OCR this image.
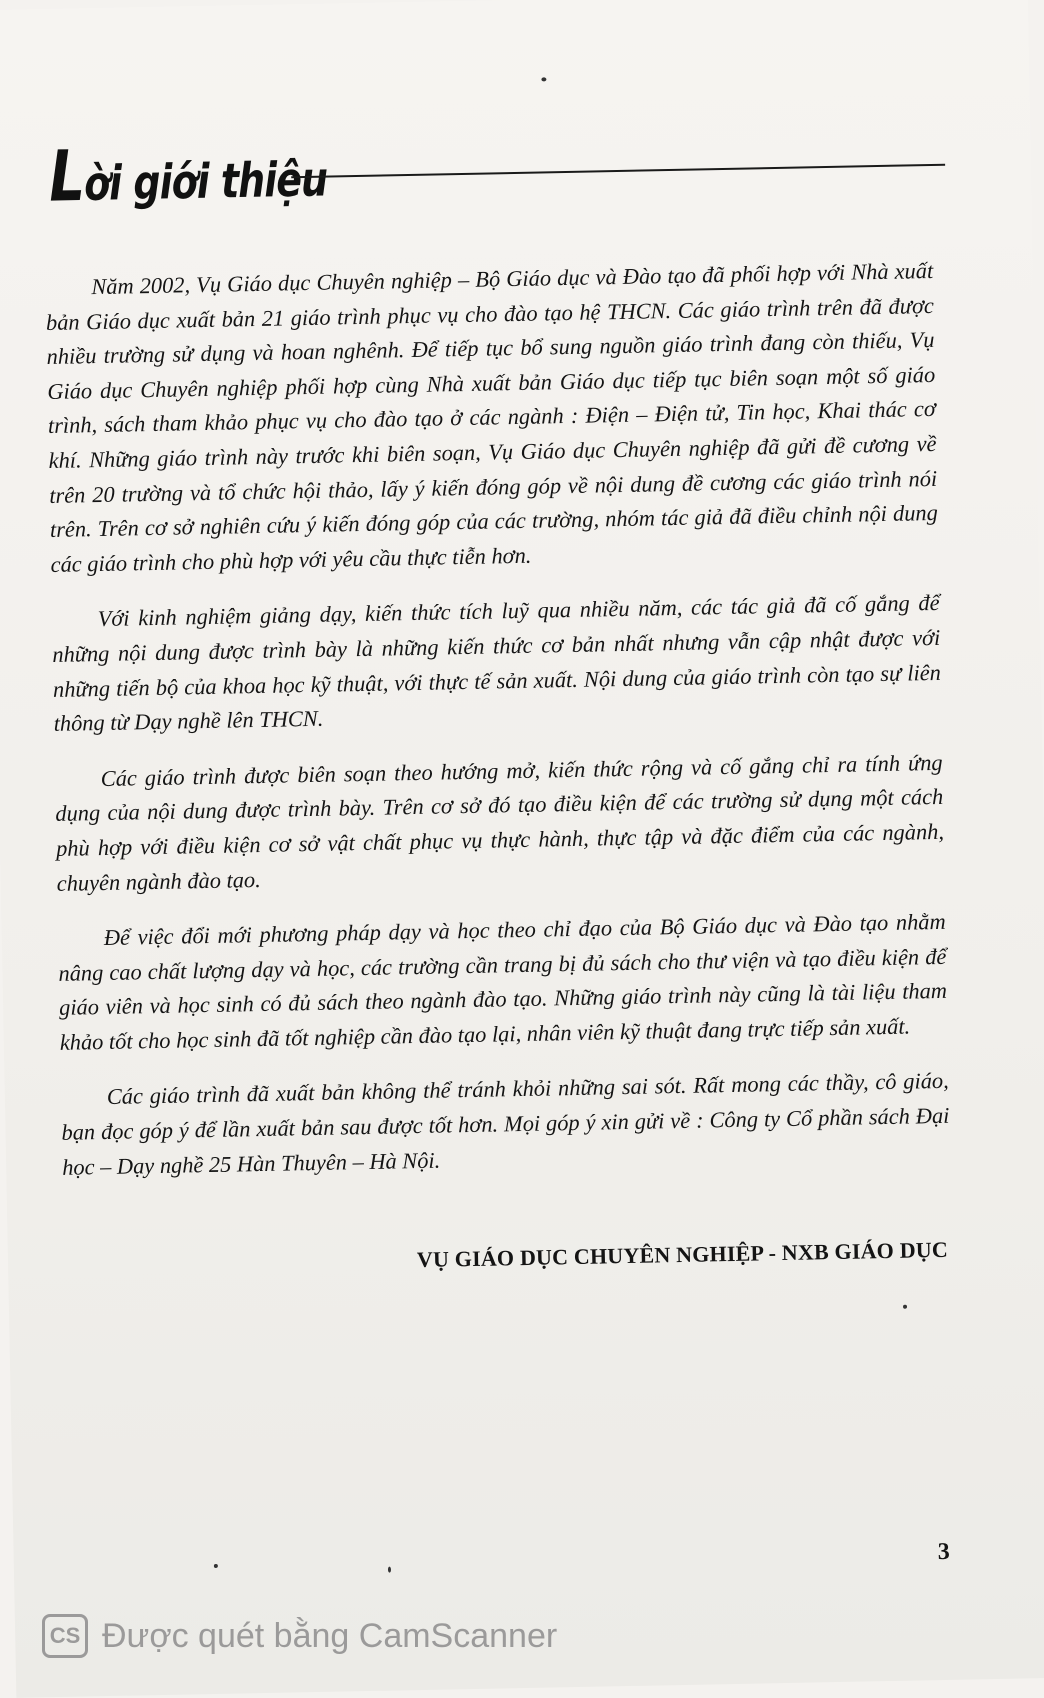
Lời giới thiệu

Năm 2002, Vụ Giáo dục Chuyên nghiệp – Bộ Giáo dục và Đào tạo đã phối hợp với Nhà xuất bản Giáo dục xuất bản 21 giáo trình phục vụ cho đào tạo hệ THCN. Các giáo trình trên đã được nhiều trường sử dụng và hoan nghênh. Để tiếp tục bổ sung nguồn giáo trình đang còn thiếu, Vụ Giáo dục Chuyên nghiệp phối hợp cùng Nhà xuất bản Giáo dục tiếp tục biên soạn một số giáo trình, sách tham khảo phục vụ cho đào tạo ở các ngành : Điện – Điện tử, Tin học, Khai thác cơ khí. Những giáo trình này trước khi biên soạn, Vụ Giáo dục Chuyên nghiệp đã gửi đề cương về trên 20 trường và tổ chức hội thảo, lấy ý kiến đóng góp về nội dung đề cương các giáo trình nói trên. Trên cơ sở nghiên cứu ý kiến đóng góp của các trường, nhóm tác giả đã điều chỉnh nội dung các giáo trình cho phù hợp với yêu cầu thực tiễn hơn.

Với kinh nghiệm giảng dạy, kiến thức tích luỹ qua nhiều năm, các tác giả đã cố gắng để những nội dung được trình bày là những kiến thức cơ bản nhất nhưng vẫn cập nhật được với những tiến bộ của khoa học kỹ thuật, với thực tế sản xuất. Nội dung của giáo trình còn tạo sự liên thông từ Dạy nghề lên THCN.

Các giáo trình được biên soạn theo hướng mở, kiến thức rộng và cố gắng chỉ ra tính ứng dụng của nội dung được trình bày. Trên cơ sở đó tạo điều kiện để các trường sử dụng một cách phù hợp với điều kiện cơ sở vật chất phục vụ thực hành, thực tập và đặc điểm của các ngành, chuyên ngành đào tạo.

Để việc đổi mới phương pháp dạy và học theo chỉ đạo của Bộ Giáo dục và Đào tạo nhằm nâng cao chất lượng dạy và học, các trường cần trang bị đủ sách cho thư viện và tạo điều kiện để giáo viên và học sinh có đủ sách theo ngành đào tạo. Những giáo trình này cũng là tài liệu tham khảo tốt cho học sinh đã tốt nghiệp cần đào tạo lại, nhân viên kỹ thuật đang trực tiếp sản xuất.

Các giáo trình đã xuất bản không thể tránh khỏi những sai sót. Rất mong các thầy, cô giáo, bạn đọc góp ý để lần xuất bản sau được tốt hơn. Mọi góp ý xin gửi về : Công ty Cổ phần sách Đại học – Dạy nghề 25 Hàn Thuyên – Hà Nội.

VỤ GIÁO DỤC CHUYÊN NGHIỆP - NXB GIÁO DỤC
3
CS Được quét bằng CamScanner
